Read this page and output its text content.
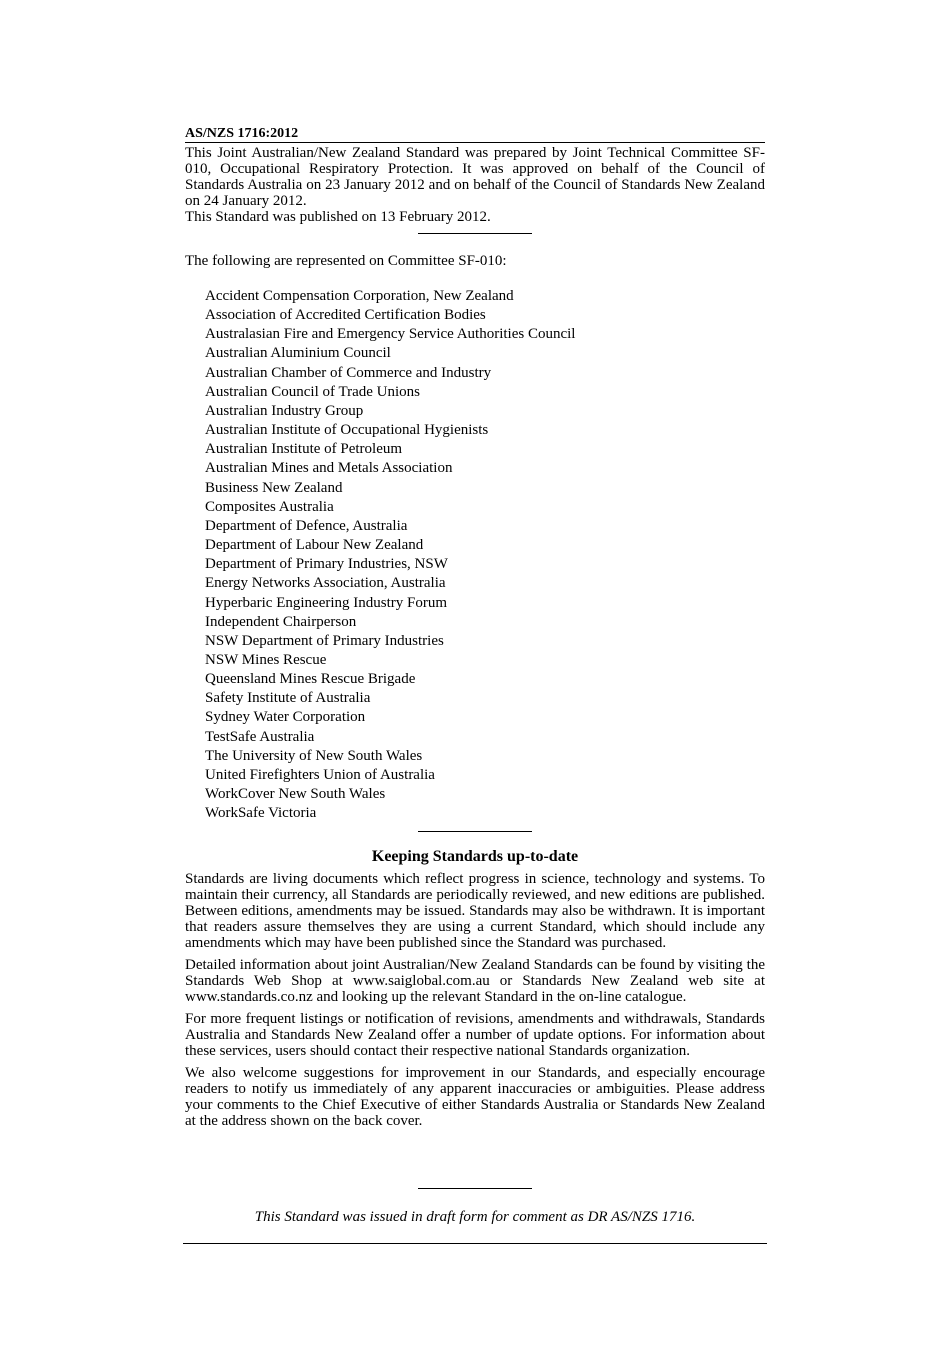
AS/NZS 1716:2012

This Joint Australian/New Zealand Standard was prepared by Joint Technical Committee SF-010, Occupational Respiratory Protection. It was approved on behalf of the Council of Standards Australia on 23 January 2012 and on behalf of the Council of Standards New Zealand on 24 January 2012.

This Standard was published on 13 February 2012.

The following are represented on Committee SF-010:
Accident Compensation Corporation, New Zealand
Association of Accredited Certification Bodies
Australasian Fire and Emergency Service Authorities Council
Australian Aluminium Council
Australian Chamber of Commerce and Industry
Australian Council of Trade Unions
Australian Industry Group
Australian Institute of Occupational Hygienists
Australian Institute of Petroleum
Australian Mines and Metals Association
Business New Zealand
Composites Australia
Department of Defence, Australia
Department of Labour New Zealand
Department of Primary Industries, NSW
Energy Networks Association, Australia
Hyperbaric Engineering Industry Forum
Independent Chairperson
NSW Department of Primary Industries
NSW Mines Rescue
Queensland Mines Rescue Brigade
Safety Institute of Australia
Sydney Water Corporation
TestSafe Australia
The University of New South Wales
United Firefighters Union of Australia
WorkCover New South Wales
WorkSafe Victoria
Keeping Standards up-to-date

Standards are living documents which reflect progress in science, technology and systems. To maintain their currency, all Standards are periodically reviewed, and new editions are published. Between editions, amendments may be issued. Standards may also be withdrawn. It is important that readers assure themselves they are using a current Standard, which should include any amendments which may have been published since the Standard was purchased.

Detailed information about joint Australian/New Zealand Standards can be found by visiting the Standards Web Shop at www.saiglobal.com.au or Standards New Zealand web site at www.standards.co.nz and looking up the relevant Standard in the on-line catalogue.

For more frequent listings or notification of revisions, amendments and withdrawals, Standards Australia and Standards New Zealand offer a number of update options. For information about these services, users should contact their respective national Standards organization.

We also welcome suggestions for improvement in our Standards, and especially encourage readers to notify us immediately of any apparent inaccuracies or ambiguities. Please address your comments to the Chief Executive of either Standards Australia or Standards New Zealand at the address shown on the back cover.

This Standard was issued in draft form for comment as DR AS/NZS 1716.
